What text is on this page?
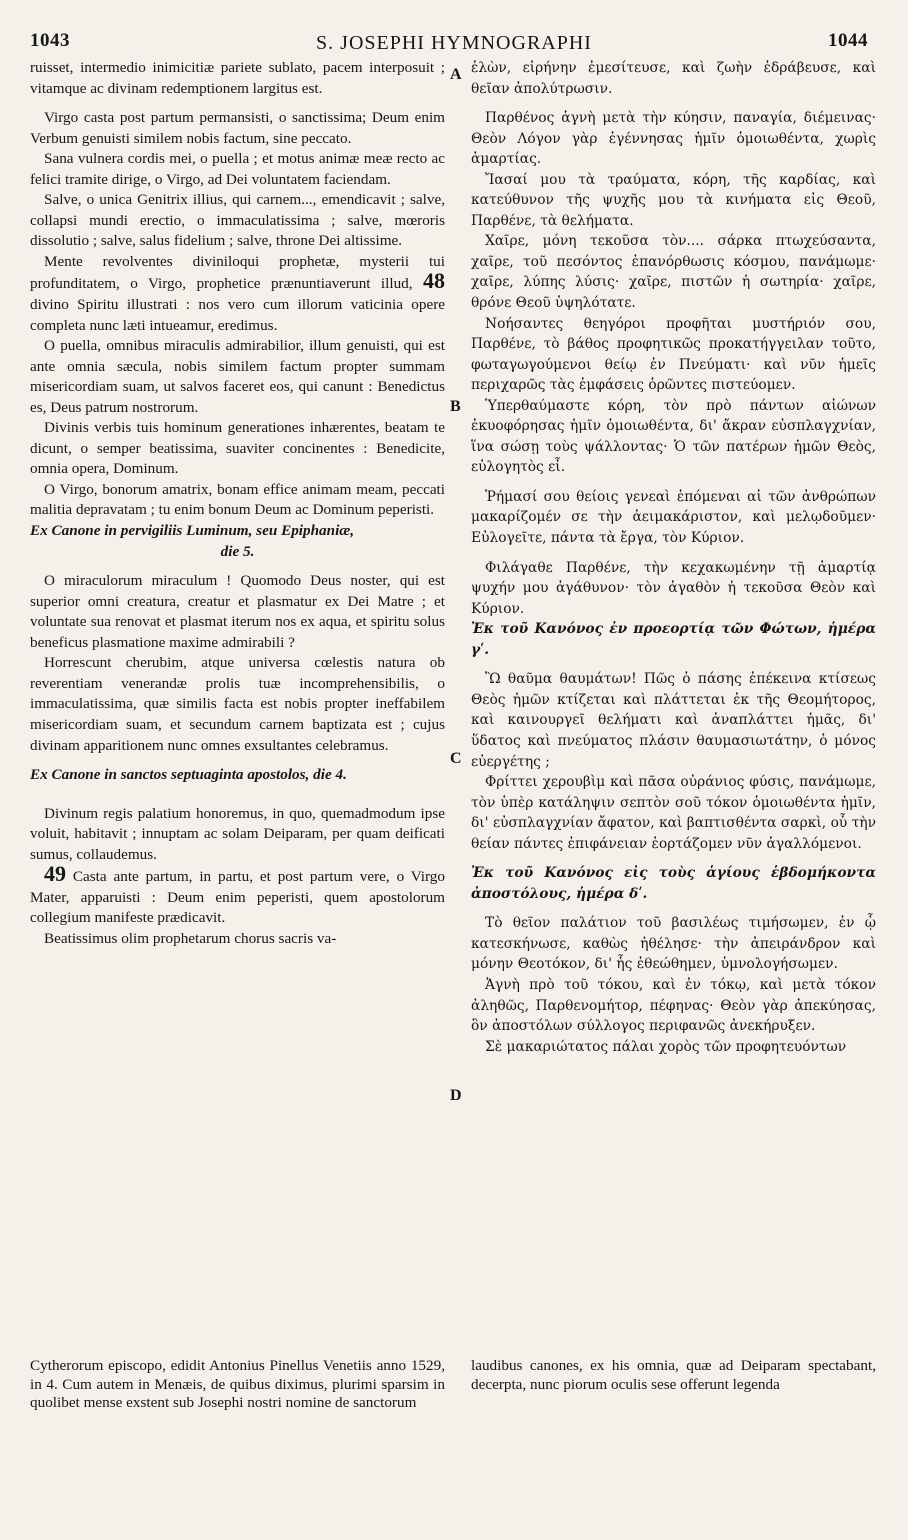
1043	S. JOSEPHI HYMNOGRAPHI	1044
A
B
C
D

ruisset, intermedio inimicitiæ pariete sublato, pacem interposuit ; vitamque ac divinam redemptionem largitus est.

Virgo casta post partum permansisti, o sanctissima; Deum enim Verbum genuisti similem nobis factum, sine peccato.

Sana vulnera cordis mei, o puella ; et motus animæ meæ recto ac felici tramite dirige, o Virgo, ad Dei voluntatem faciendam.

Salve, o unica Genitrix illius, qui carnem..., emendicavit ; salve, collapsi mundi erectio, o immaculatissima ; salve, mœroris dissolutio ; salve, salus fidelium ; salve, throne Dei altissime.

Mente revolventes diviniloqui prophetæ, mysterii tui profunditatem, o Virgo, prophetice prænuntiaverunt illud, 48 divino Spiritu illustrati : nos vero cum illorum vaticinia opere completa nunc læti intueamur, eredimus.

O puella, omnibus miraculis admirabilior, illum genuisti, qui est ante omnia sæcula, nobis similem factum propter summam misericordiam suam, ut salvos faceret eos, qui canunt : Benedictus es, Deus patrum nostrorum.

Divinis verbis tuis hominum generationes inhærentes, beatam te dicunt, o semper beatissima, suaviter concinentes : Benedicite, omnia opera, Dominum.

O Virgo, bonorum amatrix, bonam effice animam meam, peccati malitia depravatam ; tu enim bonum Deum ac Dominum peperisti.

Ex Canone in pervigiliis Luminum, seu Epiphaniæ,
die 5.

O miraculorum miraculum ! Quomodo Deus noster, qui est superior omni creatura, creatur et plasmatur ex Dei Matre ; et voluntate sua renovat et plasmat iterum nos ex aqua, et spiritu solus beneficus plasmatione maxime admirabili ?

Horrescunt cherubim, atque universa cœlestis natura ob reverentiam venerandæ prolis tuæ incomprehensibilis, o immaculatissima, quæ similis facta est nobis propter ineffabilem misericordiam suam, et secundum carnem baptizata est ; cujus divinam apparitionem nunc omnes exsultantes celebramus.

Ex Canone in sanctos septuaginta apostolos, die 4.

Divinum regis palatium honoremus, in quo, quemadmodum ipse voluit, habitavit ; innuptam ac solam Deiparam, per quam deificati sumus, collaudemus.

49 Casta ante partum, in partu, et post partum vere, o Virgo Mater, apparuisti : Deum enim peperisti, quem apostolorum collegium manifeste prædicavit.

Beatissimus olim prophetarum chorus sacris va-

ἐλὼν, εἰρήνην ἐμεσίτευσε, καὶ ζωὴν ἐδράβευσε, καὶ θεῖαν ἀπολύτρωσιν.

Παρθένος ἁγνὴ μετὰ τὴν κύησιν, παναγία, διέμεινας· Θεὸν Λόγον γὰρ ἐγέννησας ἡμῖν ὁμοιωθέντα, χωρὶς ἁμαρτίας.

Ἴασαί μου τὰ τραύματα, κόρη, τῆς καρδίας, καὶ κατεύθυνον τῆς ψυχῆς μου τὰ κινήματα εἰς Θεοῦ, Παρθένε, τὰ θελήματα.

Χαῖρε, μόνη τεκοῦσα τὸν.... σάρκα πτωχεύσαντα, χαῖρε, τοῦ πεσόντος ἐπανόρθωσις κόσμου, πανάμωμε· χαῖρε, λύπης λύσις· χαῖρε, πιστῶν ἡ σωτηρία· χαῖρε, θρόνε Θεοῦ ὑψηλότατε.

Νοήσαντες θεηγόροι προφῆται μυστήριόν σου, Παρθένε, τὸ βάθος προφητικῶς προκατήγγειλαν τοῦτο, φωταγωγούμενοι θείῳ ἐν Πνεύματι· καὶ νῦν ἡμεῖς περιχαρῶς τὰς ἐμφάσεις ὁρῶντες πιστεύομεν.

Ὑπερθαύμαστε κόρη, τὸν πρὸ πάντων αἰώνων ἐκυοφόρησας ἡμῖν ὁμοιωθέντα, δι' ἄκραν εὐσπλαγχνίαν, ἵνα σώσῃ τοὺς ψάλλοντας· Ὁ τῶν πατέρων ἡμῶν Θεὸς, εὐλογητὸς εἶ.

Ῥήμασί σου θείοις γενεαὶ ἑπόμεναι αἱ τῶν ἀνθρώπων μακαρίζομέν σε τὴν ἀειμακάριστον, καὶ μελῳδοῦμεν· Εὐλογεῖτε, πάντα τὰ ἔργα, τὸν Κύριον.

Φιλάγαθε Παρθένε, τὴν κεχακωμένην τῇ ἁμαρτίᾳ ψυχήν μου ἀγάθυνον· τὸν ἀγαθὸν ἡ τεκοῦσα Θεὸν καὶ Κύριον.

Ἐκ τοῦ Κανόνος ἐν προεορτίᾳ τῶν Φώτων, ἡμέρα γʹ.

Ὢ θαῦμα θαυμάτων! Πῶς ὁ πάσης ἐπέκεινα κτίσεως Θεὸς ἡμῶν κτίζεται καὶ πλάττεται ἐκ τῆς Θεομήτορος, καὶ καινουργεῖ θελήματι καὶ ἀναπλάττει ἡμᾶς, δι' ὕδατος καὶ πνεύματος πλάσιν θαυμασιωτάτην, ὁ μόνος εὐεργέτης ;

Φρίττει χερουβὶμ καὶ πᾶσα οὐράνιος φύσις, πανάμωμε, τὸν ὑπὲρ κατάληψιν σεπτὸν σοῦ τόκον ὁμοιωθέντα ἡμῖν, δι' εὐσπλαγχνίαν ἄφατον, καὶ βαπτισθέντα σαρκὶ, οὗ τὴν θείαν πάντες ἐπιφάνειαν ἑορτάζομεν νῦν ἀγαλλόμενοι.

Ἐκ τοῦ Κανόνος εἰς τοὺς ἁγίους ἑβδομήκοντα ἀποστόλους, ἡμέρα δʹ.

Τὸ θεῖον παλάτιον τοῦ βασιλέως τιμήσωμεν, ἐν ᾧ κατεσκήνωσε, καθὼς ἠθέλησε· τὴν ἀπειράνδρον καὶ μόνην Θεοτόκον, δι' ἧς ἐθεώθημεν, ὑμνολογήσωμεν.

Ἁγνὴ πρὸ τοῦ τόκου, καὶ ἐν τόκῳ, καὶ μετὰ τόκον ἀληθῶς, Παρθενομήτορ, πέφηνας· Θεὸν γὰρ ἀπεκύησας, ὃν ἀποστόλων σύλλογος περιφανῶς ἀνεκήρυξεν.

Σὲ μακαριώτατος πάλαι χορὸς τῶν προφητευόντων

Cytherorum episcopo, edidit Antonius Pinellus Venetiis anno 1529, in 4. Cum autem in Menæis, de quibus diximus, plurimi sparsim in quolibet mense exstent sub Josephi nostri nomine de sanctorum
laudibus canones, ex his omnia, quæ ad Deiparam spectabant, decerpta, nunc piorum oculis sese offerunt legenda
